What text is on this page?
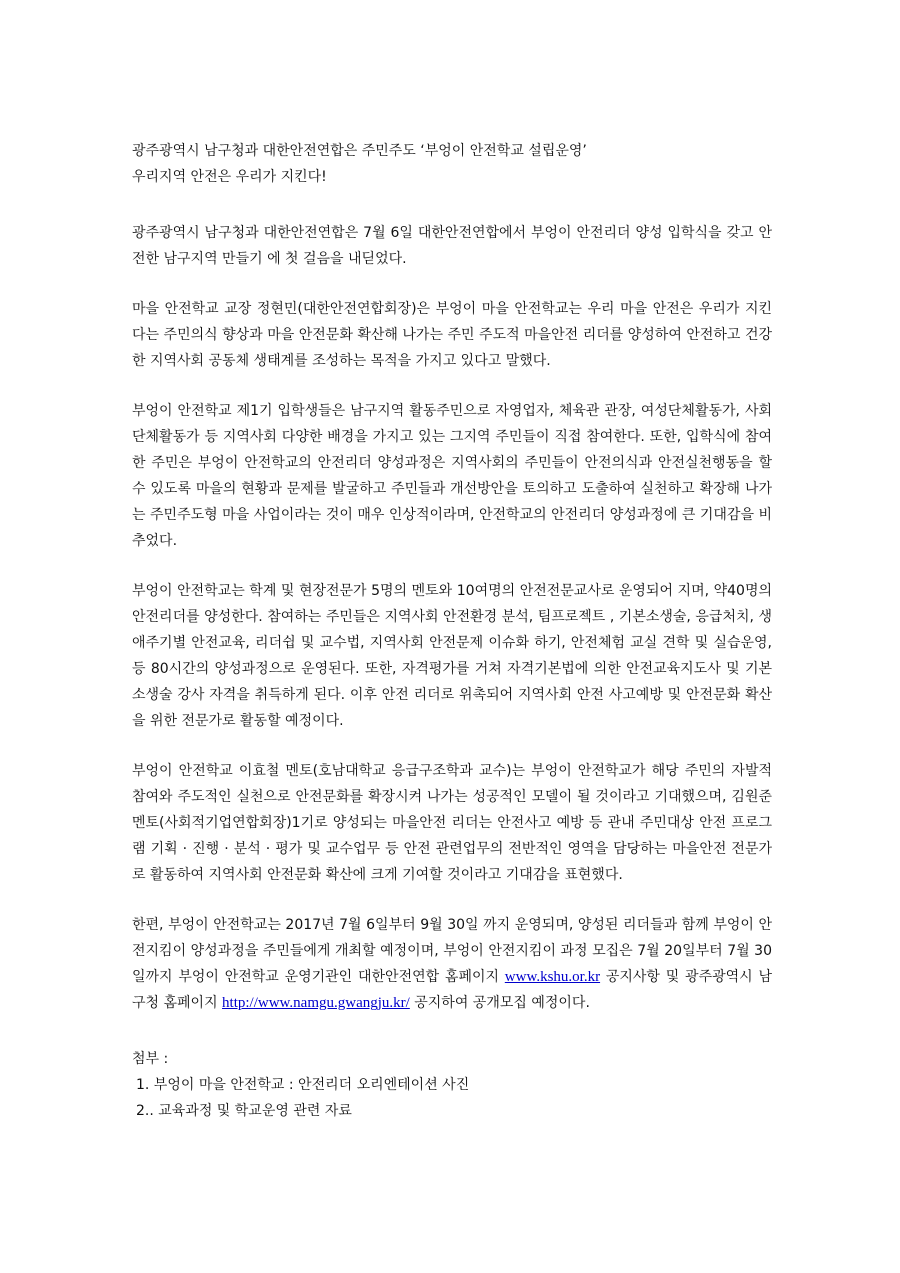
광주광역시 남구청과 대한안전연합은 주민주도 ‘부엉이 안전학교 설립운영’

우리지역 안전은 우리가 지킨다!

광주광역시 남구청과 대한안전연합은 7월 6일 대한안전연합에서 부엉이 안전리더 양성 입학식을 갖고 안전한 남구지역 만들기 에 첫 걸음을 내딛었다.

마을 안전학교 교장 정현민(대한안전연합회장)은 부엉이 마을 안전학교는 우리 마을 안전은 우리가 지킨다는 주민의식 향상과 마을 안전문화 확산해 나가는 주민 주도적 마을안전 리더를 양성하여 안전하고 건강한 지역사회 공동체 생태계를 조성하는 목적을 가지고 있다고 말했다.

부엉이 안전학교 제1기 입학생들은 남구지역 활동주민으로 자영업자, 체육관 관장, 여성단체활동가, 사회단체활동가 등 지역사회 다양한 배경을 가지고 있는 그지역 주민들이 직접 참여한다. 또한, 입학식에 참여한 주민은 부엉이 안전학교의 안전리더 양성과정은 지역사회의 주민들이 안전의식과 안전실천행동을 할 수 있도록 마을의 현황과 문제를 발굴하고 주민들과 개선방안을 토의하고 도출하여 실천하고 확장해 나가는 주민주도형 마을 사업이라는 것이 매우 인상적이라며, 안전학교의 안전리더 양성과정에 큰 기대감을 비추었다.

부엉이 안전학교는 학계 및 현장전문가 5명의 멘토와 10여명의 안전전문교사로 운영되어 지며, 약40명의 안전리더를 양성한다. 참여하는 주민들은 지역사회 안전환경 분석, 팀프로젝트 , 기본소생술, 응급처치, 생애주기별 안전교육, 리더쉽 및 교수법, 지역사회 안전문제 이슈화 하기, 안전체험 교실 견학 및 실습운영, 등 80시간의 양성과정으로 운영된다. 또한, 자격평가를 거쳐 자격기본법에 의한 안전교육지도사 및 기본소생술 강사 자격을 취득하게 된다. 이후 안전 리더로 위촉되어 지역사회 안전 사고예방 및 안전문화 확산을 위한 전문가로 활동할 예정이다.

부엉이 안전학교 이효철 멘토(호남대학교 응급구조학과 교수)는 부엉이 안전학교가 해당 주민의 자발적 참여와 주도적인 실천으로 안전문화를 확장시켜 나가는 성공적인 모델이 될 것이라고 기대했으며, 김원준 멘토(사회적기업연합회장)1기로 양성되는 마을안전 리더는 안전사고 예방 등 관내 주민대상 안전 프로그램 기획 · 진행 · 분석 · 평가 및 교수업무 등 안전 관련업무의 전반적인 영역을 담당하는 마을안전 전문가로 활동하여 지역사회 안전문화 확산에 크게 기여할 것이라고 기대감을 표현했다.

한편, 부엉이 안전학교는 2017년 7월 6일부터 9월 30일 까지 운영되며, 양성된 리더들과 함께 부엉이 안전지킴이 양성과정을 주민들에게 개최할 예정이며, 부엉이 안전지킴이 과정 모집은 7월 20일부터 7월 30일까지 부엉이 안전학교 운영기관인 대한안전연합 홈페이지 www.kshu.or.kr 공지사항 및 광주광역시 남구청 홈페이지 http://www.namgu.gwangju.kr/ 공지하여 공개모집 예정이다.

첨부 :

1. 부엉이 마을 안전학교 : 안전리더 오리엔테이션 사진

2.. 교육과정 및 학교운영 관련 자료
